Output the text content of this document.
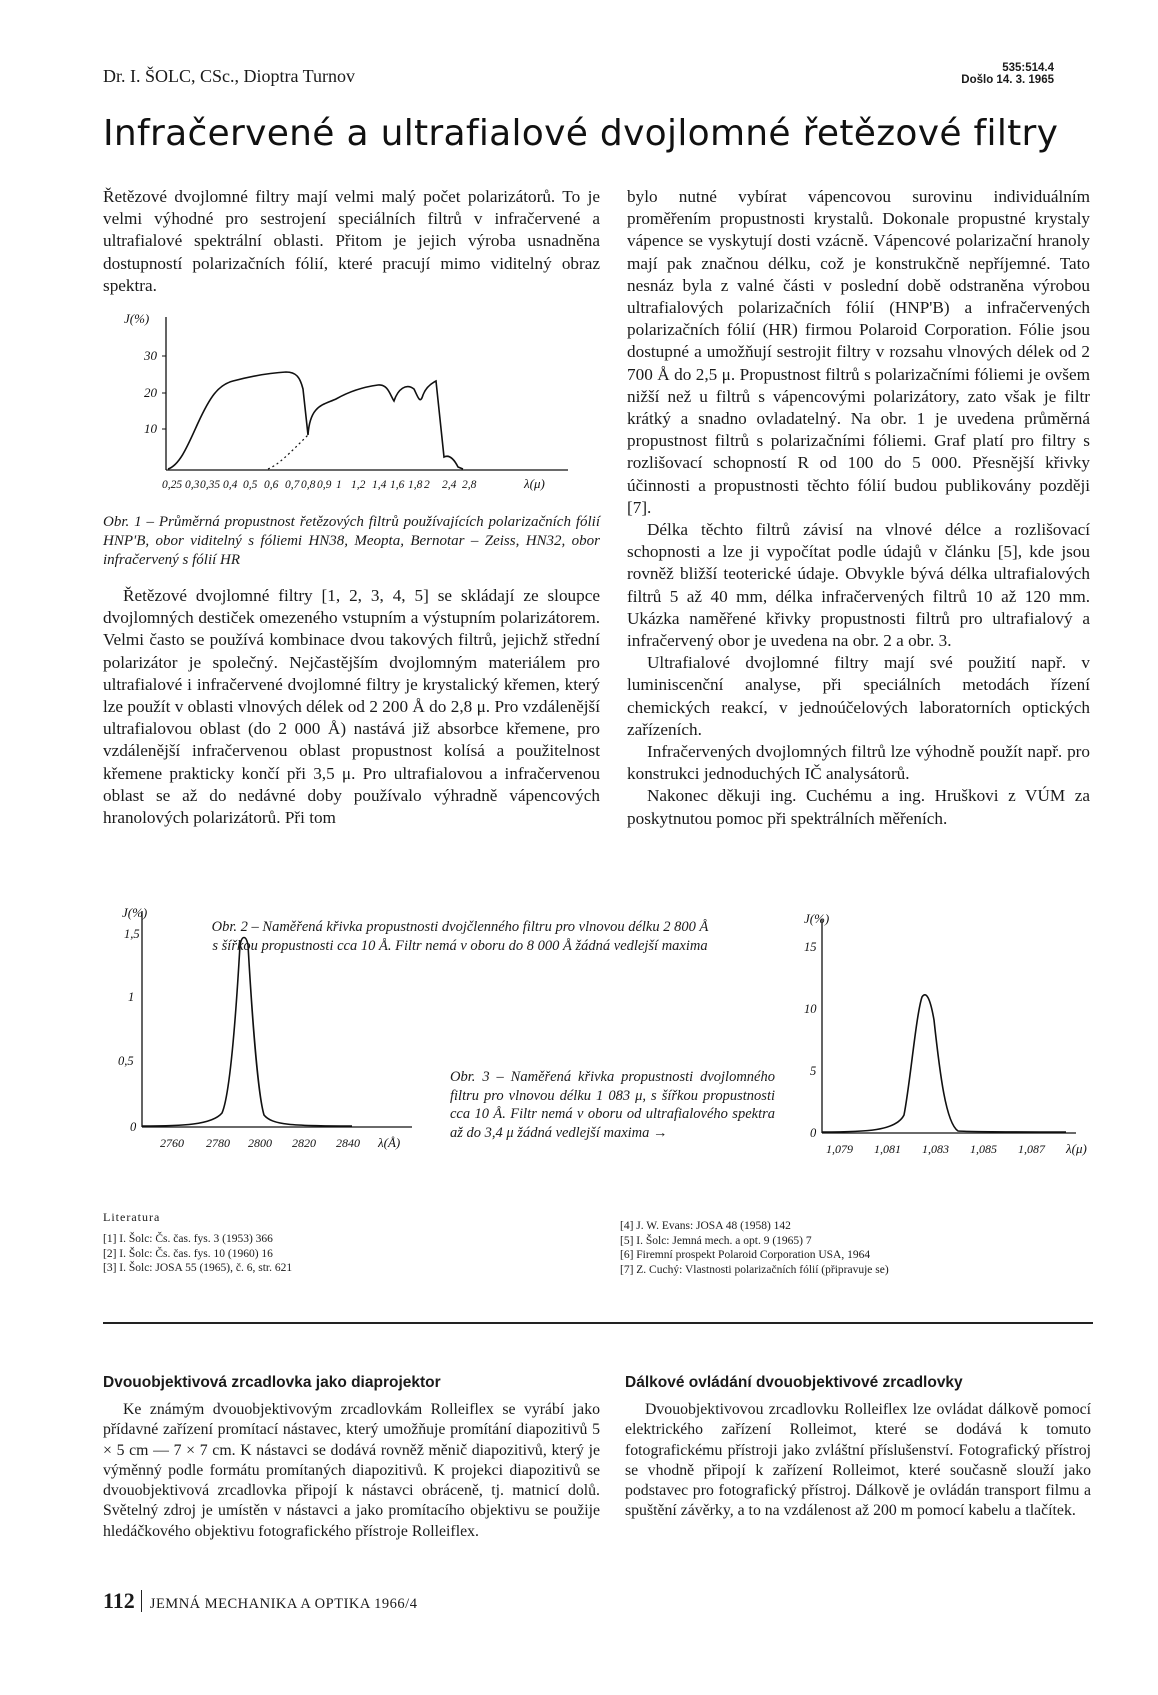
Dr. I. ŠOLC, CSc., Dioptra Turnov	535:514.4
Došlo 14. 3. 1965
Infračervené a ultrafialové dvojlomné řetězové filtry

Řetězové dvojlomné filtry mají velmi malý počet polarizátorů. To je velmi výhodné pro sestrojení speciálních filtrů v infračervené a ultrafialové spektrální oblasti. Přitom je jejich výroba usnadněna dostupností polarizačních fólií, které pracují mimo viditelný obraz spektra.

J(%)
30
20
10
0,25 0,3 0,35 0,4 0,5 0,6 0,7 0,8 0,9 1 1,2 1,4 1,6 1,8 2 2,4 2,8	λ(μ)
Obr. 1 – Průměrná propustnost řetězových filtrů používajících polarizačních fólií HNP'B, obor viditelný s fóliemi HN38, Meopta, Bernotar – Zeiss, HN32, obor infračervený s fólií HR

Řetězové dvojlomné filtry [1, 2, 3, 4, 5] se skládají ze sloupce dvojlomných destiček omezeného vstupním a výstupním polarizátorem. Velmi často se používá kombinace dvou takových filtrů, jejichž střední polarizátor je společný. Nejčastějším dvojlomným materiálem pro ultrafialové i infračervené dvojlomné filtry je krystalický křemen, který lze použít v oblasti vlnových délek od 2 200 Å do 2,8 μ. Pro vzdálenější ultrafialovou oblast (do 2 000 Å) nastává již absorbce křemene, pro vzdálenější infračervenou oblast propustnost kolísá a použitelnost křemene prakticky končí při 3,5 μ. Pro ultrafialovou a infračervenou oblast se až do nedávné doby používalo výhradně vápencových hranolových polarizátorů. Při tom

bylo nutné vybírat vápencovou surovinu individuálním proměřením propustnosti krystalů. Dokonale propustné krystaly vápence se vyskytují dosti vzácně. Vápencové polarizační hranoly mají pak značnou délku, což je konstrukčně nepříjemné. Tato nesnáz byla z valné části v poslední době odstraněna výrobou ultrafialových polarizačních fólií (HNP'B) a infračervených polarizačních fólií (HR) firmou Polaroid Corporation. Fólie jsou dostupné a umožňují sestrojit filtry v rozsahu vlnových délek od 2 700 Å do 2,5 μ. Propustnost filtrů s polarizačními fóliemi je ovšem nižší než u filtrů s vápencovými polarizátory, zato však je filtr krátký a snadno ovladatelný. Na obr. 1 je uvedena průměrná propustnost filtrů s polarizačními fóliemi. Graf platí pro filtry s rozlišovací schopností R od 100 do 5 000. Přesnější křivky účinnosti a propustnosti těchto fólií budou publikovány později [7].

Délka těchto filtrů závisí na vlnové délce a rozlišovací schopnosti a lze ji vypočítat podle údajů v článku [5], kde jsou rovněž bližší teoterické údaje. Obvykle bývá délka ultrafialových filtrů 5 až 40 mm, délka infračervených filtrů 10 až 120 mm. Ukázka naměřené křivky propustnosti filtrů pro ultrafialový a infračervený obor je uvedena na obr. 2 a obr. 3.

Ultrafialové dvojlomné filtry mají své použití např. v luminiscenční analyse, při speciálních metodách řízení chemických reakcí, v jednoúčelových laboratorních optických zařízeních.

Infračervených dvojlomných filtrů lze výhodně použít např. pro konstrukci jednoduchých IČ analysátorů.

Nakonec děkuji ing. Cuchému a ing. Hruškovi z VÚM za poskytnutou pomoc při spektrálních měřeních.

J(%)
1,5
1
0,5
0
2760 2780 2800 2820 2840 λ(Å)
Obr. 2 – Naměřená křivka propustnosti dvojčlenného filtru pro vlnovou délku 2 800 Å s šířkou propustnosti cca 10 Å. Filtr nemá v oboru do 8 000 Å žádná vedlejší maxima
Obr. 3 – Naměřená křivka propustnosti dvojlomného filtru pro vlnovou délku 1 083 μ, s šířkou propustnosti cca 10 Å. Filtr nemá v oboru od ultrafialového spektra až do 3,4 μ žádná vedlejší maxima →
J(%)
15
10
5
0
1,079 1,081 1,083 1,085 1,087 λ(μ)
Literatura
[1] I. Šolc: Čs. čas. fys. 3 (1953) 366
[2] I. Šolc: Čs. čas. fys. 10 (1960) 16
[3] I. Šolc: JOSA 55 (1965), č. 6, str. 621
[4] J. W. Evans: JOSA 48 (1958) 142
[5] I. Šolc: Jemná mech. a opt. 9 (1965) 7
[6] Firemní prospekt Polaroid Corporation USA, 1964
[7] Z. Cuchý: Vlastnosti polarizačních fólií (připravuje se)
Dvouobjektivová zrcadlovka jako diaprojektor

Ke známým dvouobjektivovým zrcadlovkám Rolleiflex se vyrábí jako přídavné zařízení promítací nástavec, který umožňuje promítání diapozitivů 5 × 5 cm — 7 × 7 cm. K nástavci se dodává rovněž měnič diapozitivů, který je výměnný podle formátu promítaných diapozitivů. K projekci diapozitivů se dvouobjektivová zrcadlovka připojí k nástavci obráceně, tj. matnicí dolů. Světelný zdroj je umístěn v nástavci a jako promítacího objektivu se použije hledáčkového objektivu fotografického přístroje Rolleiflex.

Dálkové ovládání dvouobjektivové zrcadlovky

Dvouobjektivovou zrcadlovku Rolleiflex lze ovládat dálkově pomocí elektrického zařízení Rolleimot, které se dodává k tomuto fotografickému přístroji jako zvláštní příslušenství. Fotografický přístroj se vhodně připojí k zařízení Rolleimot, které současně slouží jako podstavec pro fotografický přístroj. Dálkově je ovládán transport filmu a spuštění závěrky, a to na vzdálenost až 200 m pomocí kabelu a tlačítek.

112 JEMNÁ MECHANIKA A OPTIKA 1966/4
